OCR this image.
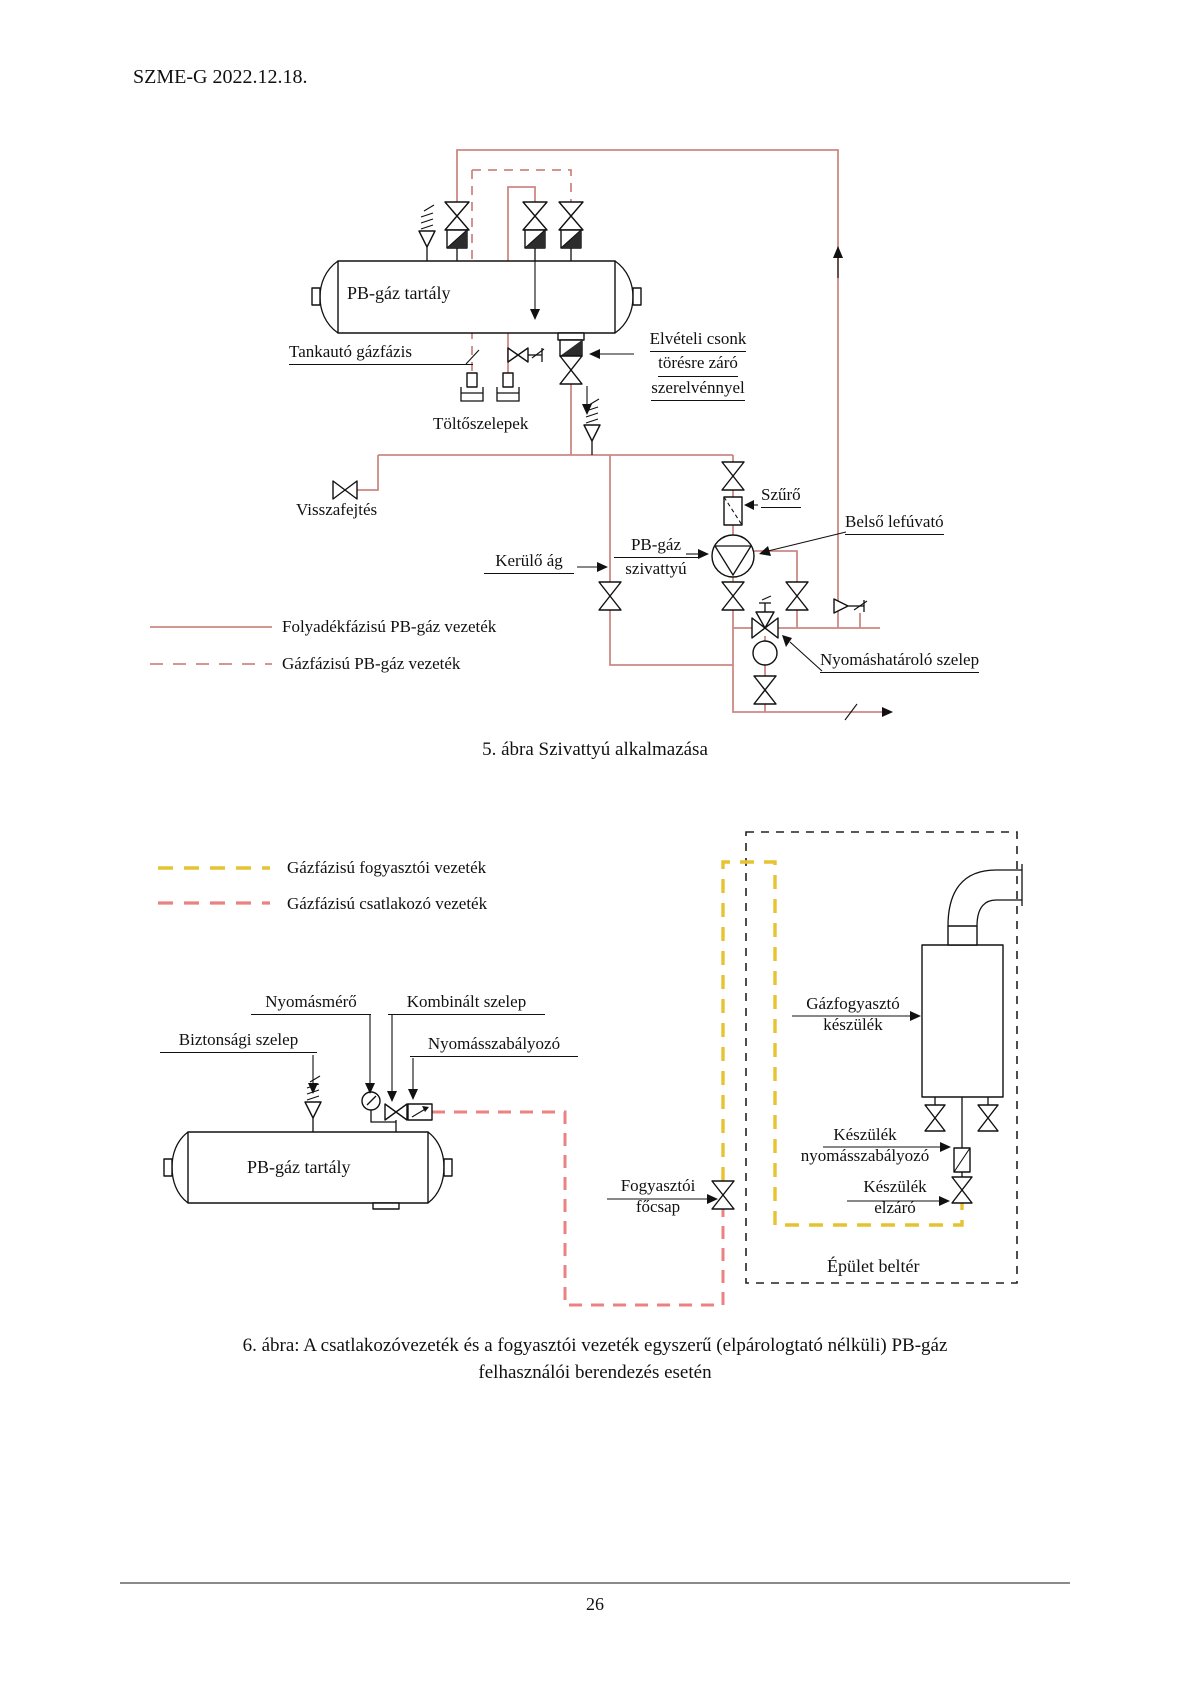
SZME-G 2022.12.18.
PB-gáz tartály
Tankautó gázfázis
Töltőszelepek
Elvételi csonk
törésre záró
szerelvénnyel
Visszafejtés
Kerülő ág
PB-gáz
szivattyú
Szűrő
Belső lefúvató
Nyomáshatároló szelep
Folyadékfázisú PB-gáz vezeték
Gázfázisú PB-gáz vezeték
5. ábra Szivattyú alkalmazása
Gázfázisú fogyasztói vezeték
Gázfázisú csatlakozó vezeték
Nyomásmérő	Kombinált szelep
Biztonsági szelep	Nyomásszabályozó
PB-gáz tartály
Fogyasztói
főcsap
Gázfogyasztó
készülék
Készülék
nyomásszabályozó
Készülék
elzáró
Épület beltér
6. ábra: A csatlakozóvezeték és a fogyasztói vezeték egyszerű (elpárologtató nélküli) PB-gáz
felhasználói berendezés esetén
26
